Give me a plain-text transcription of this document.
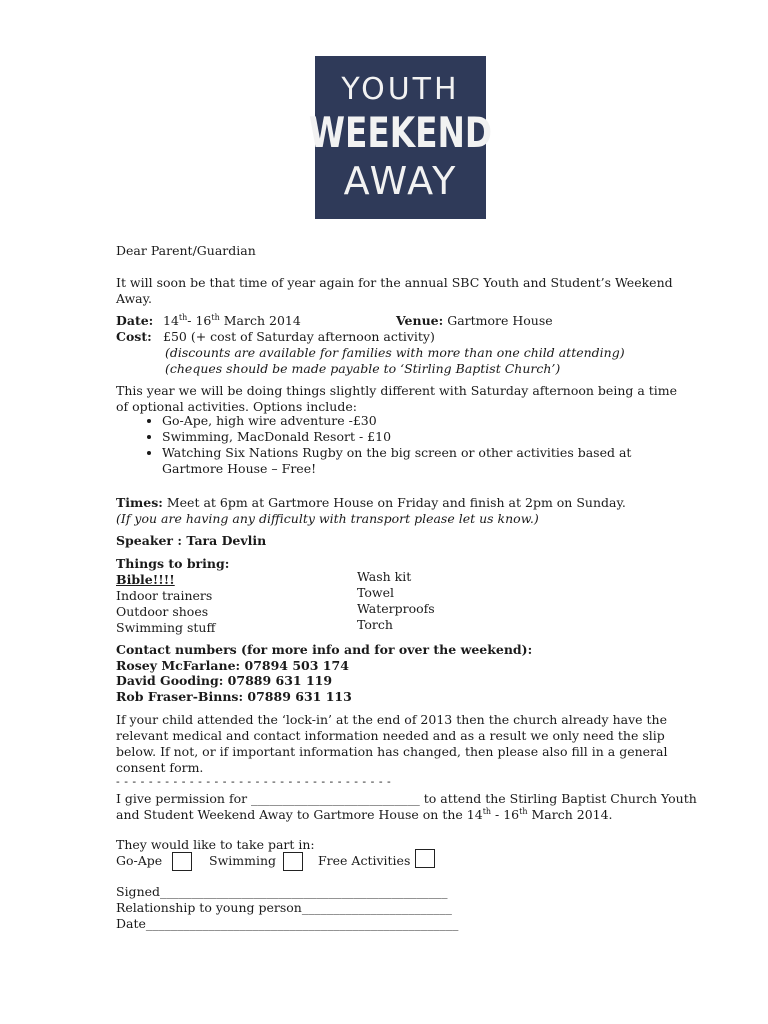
YOUTH
WEEKEND
AWAY
Dear Parent/Guardian
It will soon be that time of year again for the annual SBC Youth and Student’s Weekend
Away.
Date: 14th- 16th March 2014	Venue: Gartmore House
Cost: £50 (+ cost of Saturday afternoon activity)
(discounts are available for families with more than one child attending)
(cheques should be made payable to ‘Stirling Baptist Church’)
This year we will be doing things slightly different with Saturday afternoon being a time
of optional activities. Options include:
• Go-Ape, high wire adventure -£30
• Swimming, MacDonald Resort - £10
• Watching Six Nations Rugby on the big screen or other activities based at
Gartmore House – Free!
Times: Meet at 6pm at Gartmore House on Friday and finish at 2pm on Sunday.
(If you are having any difficulty with transport please let us know.)
Speaker : Tara Devlin
Things to bring:
Bible!!!!
Indoor trainers
Outdoor shoes
Swimming stuff
Wash kit
Towel
Waterproofs
Torch
Contact numbers (for more info and for over the weekend):
Rosey McFarlane: 07894 503 174
David Gooding: 07889 631 119
Rob Fraser-Binns: 07889 631 113
If your child attended the ‘lock-in’ at the end of 2013 then the church already have the
relevant medical and contact information needed and as a result we only need the slip
below. If not, or if important information has changed, then please also fill in a general
consent form.
- - - - - - - - - - - - - - - - - - - - - - - - - - - - - - - - - -
I give permission for ___________________________ to attend the Stirling Baptist Church Youth
and Student Weekend Away to Gartmore House on the 14th - 16th March 2014.
They would like to take part in:
Go-Ape	Swimming	Free Activities
Signed______________________________________________
Relationship to young person________________________
Date__________________________________________________
